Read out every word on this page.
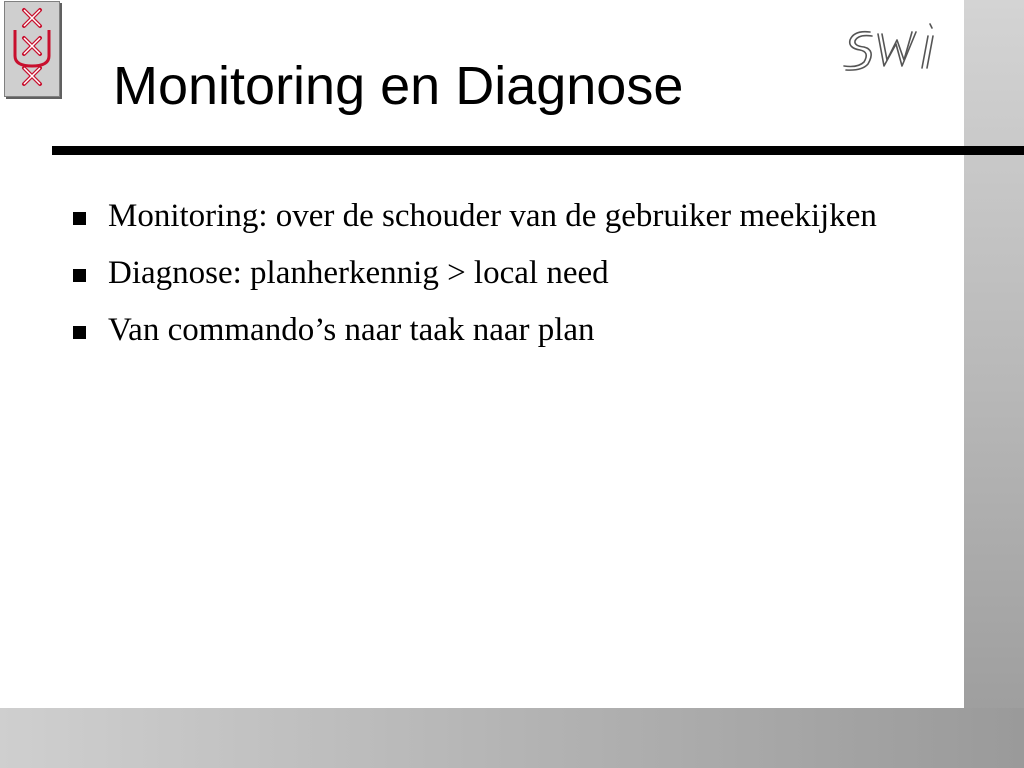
Monitoring en Diagnose
Monitoring: over de schouder van de gebruiker meekijken
Diagnose: planherkennig > local need
Van commando’s naar taak naar plan
